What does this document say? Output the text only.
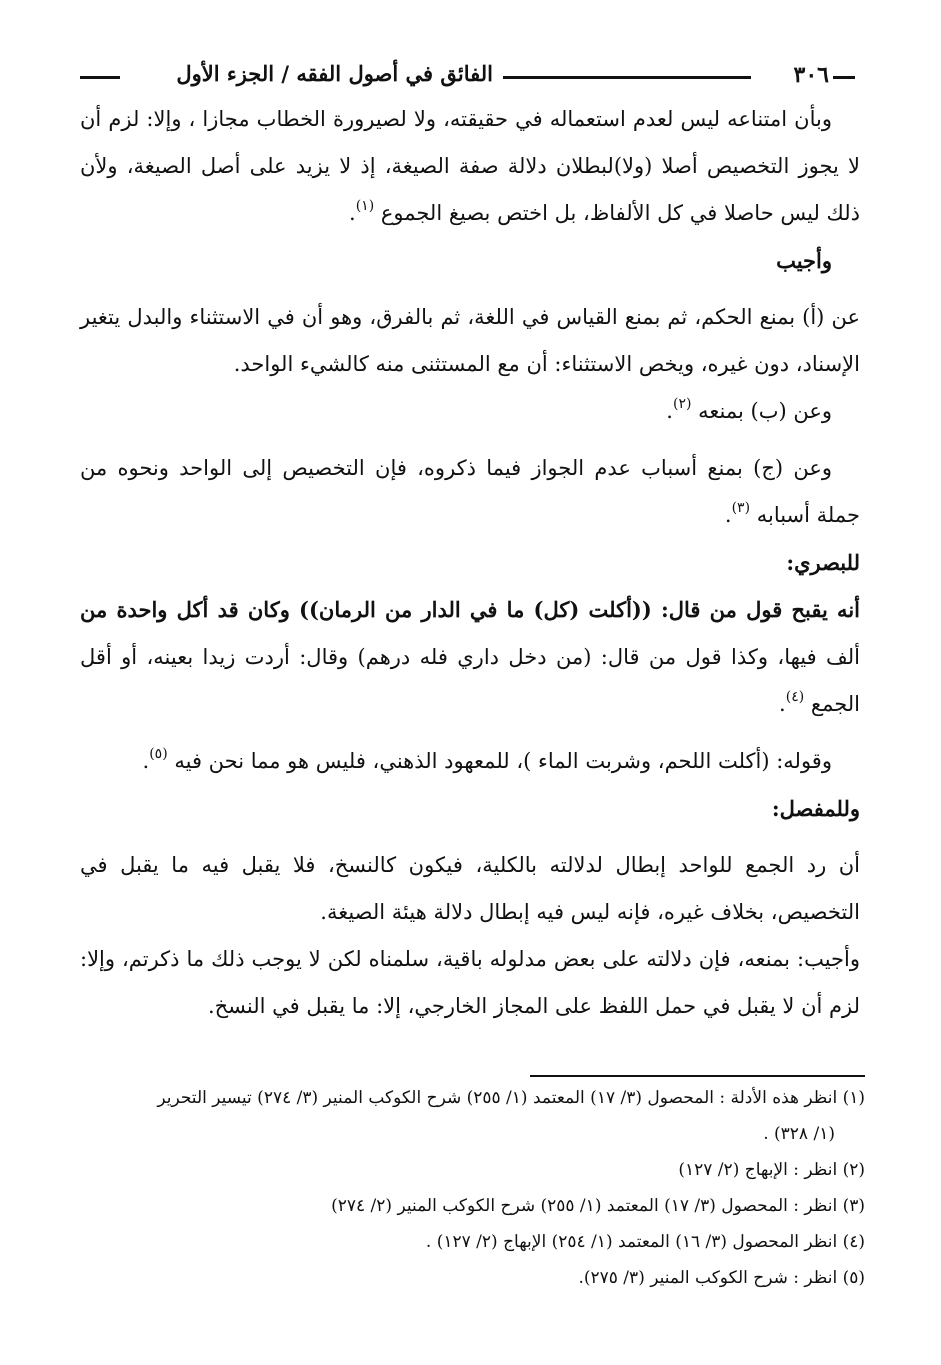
٣٠٦
الفائق في أصول الفقه / الجزء الأول

وبأن امتناعه ليس لعدم استعماله في حقيقته، ولا لصيرورة الخطاب مجازا ، وإلا: لزم أن لا يجوز التخصيص أصلا (ولا)لبطلان دلالة صفة الصيغة، إذ لا يزيد على أصل الصيغة، ولأن ذلك ليس حاصلا في كل الألفاظ، بل اختص بصيغ الجموع $^{(١)}$.

وأجيب

عن (أ) بمنع الحكم، ثم بمنع القياس في اللغة، ثم بالفرق، وهو أن في الاستثناء والبدل يتغير الإسناد، دون غيره، ويخص الاستثناء: أن مع المستثنى منه كالشيء الواحد.

وعن (ب) بمنعه $^{(٢)}$.

وعن (ج) بمنع أسباب عدم الجواز فيما ذكروه، فإن التخصيص إلى الواحد ونحوه من جملة أسبابه $^{(٣)}$.

للبصري:

أنه يقبح قول من قال: ((أكلت (كل) ما في الدار من الرمان)) وكان قد أكل واحدة من ألف فيها، وكذا قول من قال: (من دخل داري فله درهم) وقال: أردت زيدا بعينه، أو أقل الجمع $^{(٤)}$.

وقوله: (أكلت اللحم، وشربت الماء )، للمعهود الذهني، فليس هو مما نحن فيه $^{(٥)}$.

وللمفصل:

أن رد الجمع للواحد إبطال لدلالته بالكلية، فيكون كالنسخ، فلا يقبل فيه ما يقبل في التخصيص، بخلاف غيره، فإنه ليس فيه إبطال دلالة هيئة الصيغة.

وأجيب: بمنعه، فإن دلالته على بعض مدلوله باقية، سلمناه لكن لا يوجب ذلك ما ذكرتم، وإلا: لزم أن لا يقبل في حمل اللفظ على المجاز الخارجي، إلا: ما يقبل في النسخ.

(١) انظر هذه الأدلة : المحصول (٣/ ١٧) المعتمد (١/ ٢٥٥) شرح الكوكب المنير (٣/ ٢٧٤) تيسير التحرير

(١/ ٣٢٨) .

(٢) انظر : الإبهاج (٢/ ١٢٧)

(٣) انظر : المحصول (٣/ ١٧) المعتمد (١/ ٢٥٥) شرح الكوكب المنير (٢/ ٢٧٤)

(٤) انظر المحصول (٣/ ١٦) المعتمد (١/ ٢٥٤) الإبهاج (٢/ ١٢٧) .

(٥) انظر : شرح الكوكب المنير (٣/ ٢٧٥).
